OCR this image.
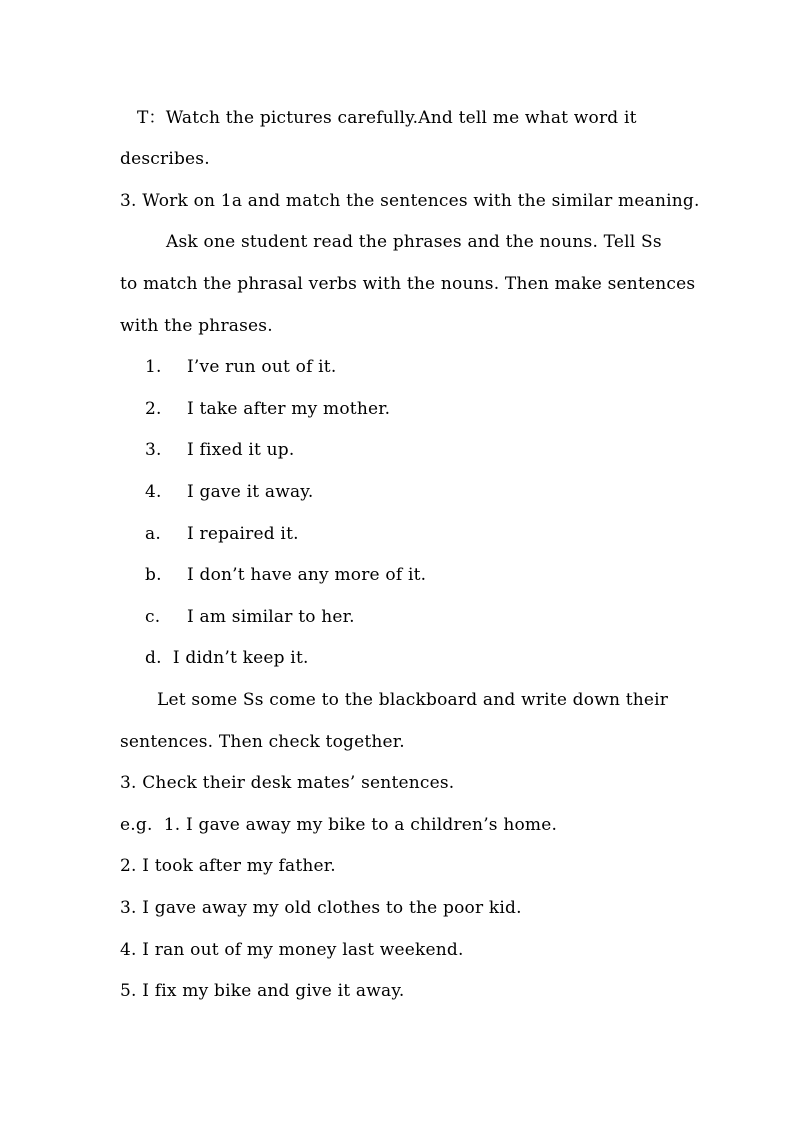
T：Watch the pictures carefully.And tell me what word it
describes.
3. Work on 1a and match the sentences with the similar meaning.
Ask one student read the phrases and the nouns. Tell Ss
to match the phrasal verbs with the nouns. Then make sentences
with the phrases.
1. I’ve run out of it.
2. I take after my mother.
3. I fixed it up.
4. I gave it away.
a. I repaired it.
b. I don’t have any more of it.
c. I am similar to her.
d.  I didn’t keep it.
Let some Ss come to the blackboard and write down their
sentences. Then check together.
3. Check their desk mates’ sentences.
e.g.  1. I gave away my bike to a children’s home.
2. I took after my father.
3. I gave away my old clothes to the poor kid.
4. I ran out of my money last weekend.
5. I fix my bike and give it away.
